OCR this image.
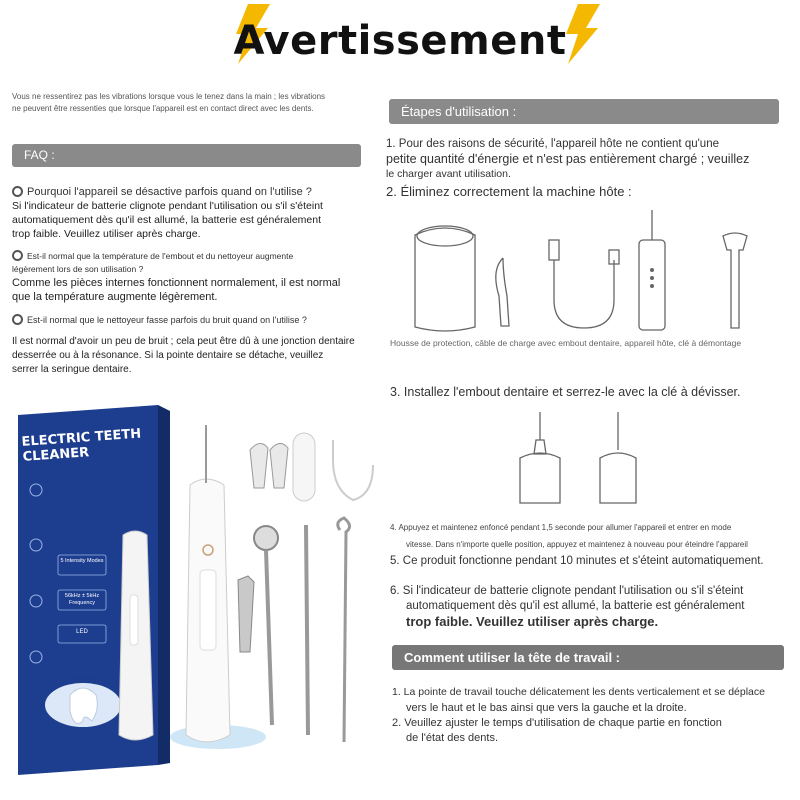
Avertissement
Vous ne ressentirez pas les vibrations lorsque vous le tenez dans la main ; les vibrations
ne peuvent être ressenties que lorsque l'appareil est en contact direct avec les dents.
FAQ :
Pourquoi l'appareil se désactive parfois quand on l'utilise ?
Si l'indicateur de batterie clignote pendant l'utilisation ou s'il s'éteint
automatiquement dès qu'il est allumé, la batterie est généralement
trop faible. Veuillez utiliser après charge.
Est-il normal que la température de l'embout et du nettoyeur augmente
légèrement lors de son utilisation ?
Comme les pièces internes fonctionnent normalement, il est normal
que la température augmente légèrement.
Est-il normal que le nettoyeur fasse parfois du bruit quand on l'utilise ?
Il est normal d'avoir un peu de bruit ; cela peut être dû à une jonction dentaire
desserrée ou à la résonance. Si la pointe dentaire se détache, veuillez
serrer la seringue dentaire.
ELECTRIC TEETH
CLEANER
5 Intensity Modes
56kHz ± 5kHz Frequency
LED
Protect teeth
Étapes d'utilisation :
1. Pour des raisons de sécurité, l'appareil hôte ne contient qu'une
petite quantité d'énergie et n'est pas entièrement chargé ; veuillez
le charger avant utilisation.
2. Éliminez correctement la machine hôte :
Housse de protection, câble de charge avec embout dentaire, appareil hôte, clé à démontage
3. Installez l'embout dentaire et serrez-le avec la clé à dévisser.
4. Appuyez et maintenez enfoncé pendant 1,5 seconde pour allumer l'appareil et entrer en mode
vitesse. Dans n'importe quelle position, appuyez et maintenez à nouveau pour éteindre l'appareil
5. Ce produit fonctionne pendant 10 minutes et s'éteint automatiquement.
6. Si l'indicateur de batterie clignote pendant l'utilisation ou s'il s'éteint
automatiquement dès qu'il est allumé, la batterie est généralement
trop faible. Veuillez utiliser après charge.
Comment utiliser la tête de travail :
1. La pointe de travail touche délicatement les dents verticalement et se déplace
vers le haut et le bas ainsi que vers la gauche et la droite.
2. Veuillez ajuster le temps d'utilisation de chaque partie en fonction
de l'état des dents.
